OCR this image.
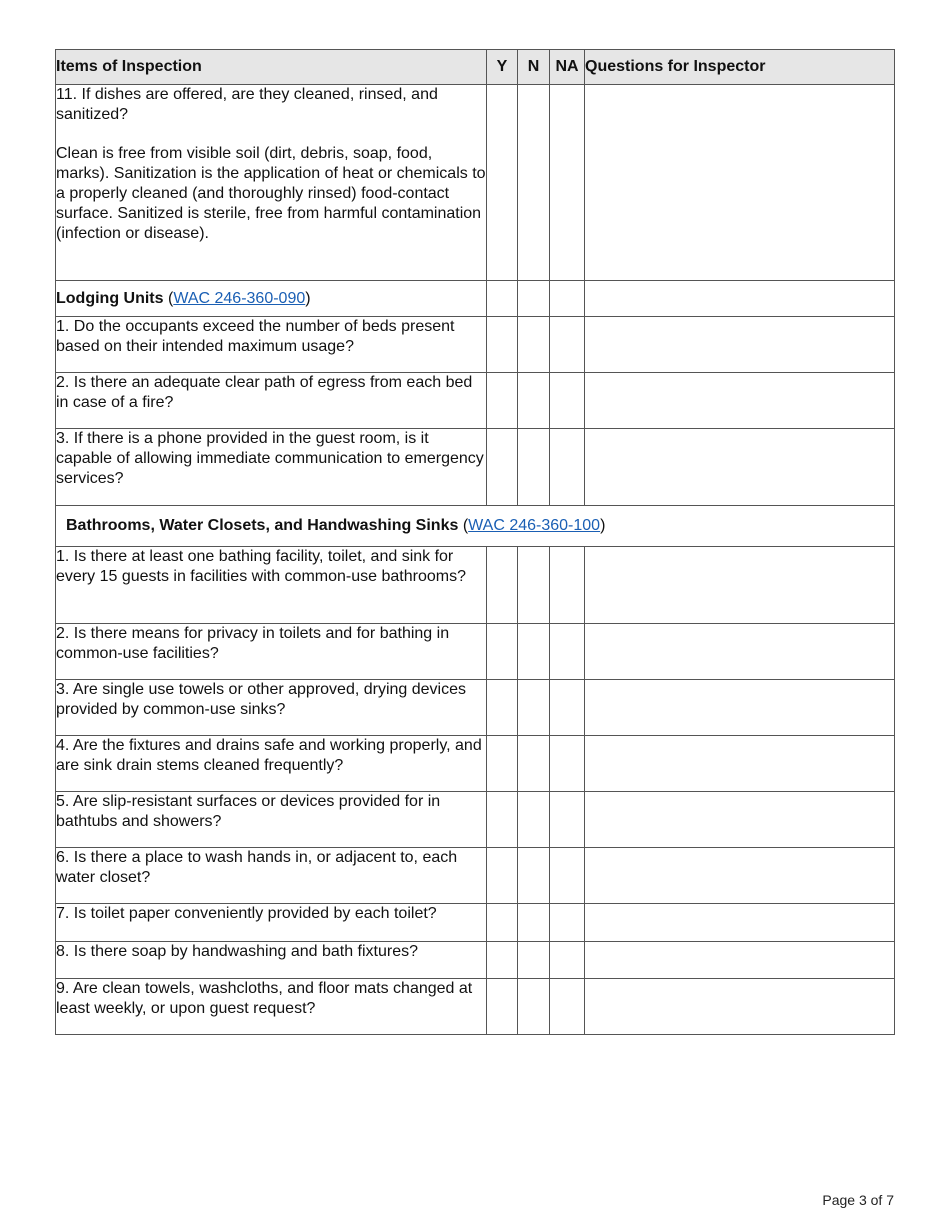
Items of Inspection	Y	N	NA	Questions for Inspector

11. If dishes are offered, are they cleaned, rinsed, and sanitized?
Clean is free from visible soil (dirt, debris, soap, food, marks). Sanitization is the application of heat or chemicals to a properly cleaned (and thoroughly rinsed) food-contact surface. Sanitized is sterile, free from harmful contamination (infection or disease).				

Lodging Units (WAC 246-360-090)				
1. Do the occupants exceed the number of beds present based on their intended maximum usage?				
2. Is there an adequate clear path of egress from each bed in case of a fire?				
3. If there is a phone provided in the guest room, is it capable of allowing immediate communication to emergency services?				
Bathrooms, Water Closets, and Handwashing Sinks (WAC 246-360-100)				
1. Is there at least one bathing facility, toilet, and sink for every 15 guests in facilities with common-use bathrooms?				
2. Is there means for privacy in toilets and for bathing in common-use facilities?				
3. Are single use towels or other approved, drying devices provided by common-use sinks?				
4. Are the fixtures and drains safe and working properly, and are sink drain stems cleaned frequently?				
5. Are slip-resistant surfaces or devices provided for in bathtubs and showers?				
6. Is there a place to wash hands in, or adjacent to, each water closet?				
7. Is toilet paper conveniently provided by each toilet?				
8. Is there soap by handwashing and bath fixtures?				
9. Are clean towels, washcloths, and floor mats changed at least weekly, or upon guest request?				
Page 3 of 7
